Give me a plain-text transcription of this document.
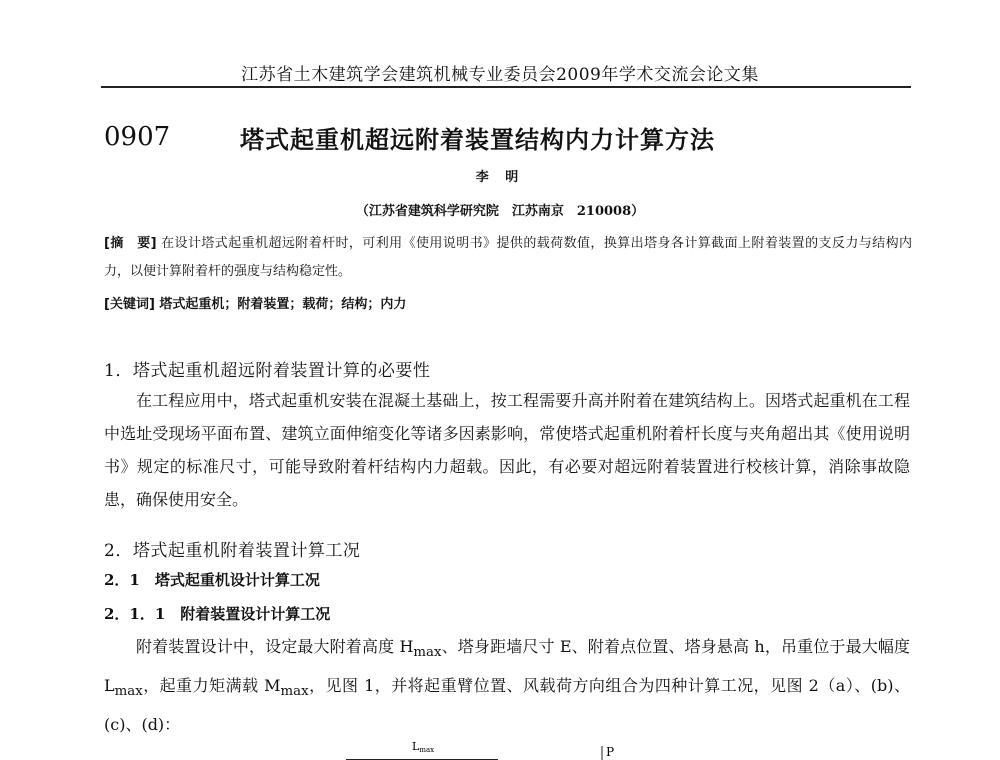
江苏省土木建筑学会建筑机械专业委员会2009年学术交流会论文集
0907	塔式起重机超远附着装置结构内力计算方法
李 明
（江苏省建筑科学研究院　江苏南京　210008）
[摘　要] 在设计塔式起重机超远附着杆时，可利用《使用说明书》提供的载荷数值，换算出塔身各计算截面上附着装置的支反力与结构内力，以便计算附着杆的强度与结构稳定性。
[关键词] 塔式起重机；附着装置；载荷；结构；内力
1．塔式起重机超远附着装置计算的必要性
在工程应用中，塔式起重机安装在混凝土基础上，按工程需要升高并附着在建筑结构上。因塔式起重机在工程中选址受现场平面布置、建筑立面伸缩变化等诸多因素影响，常使塔式起重机附着杆长度与夹角超出其《使用说明书》规定的标准尺寸，可能导致附着杆结构内力超载。因此，有必要对超远附着装置进行校核计算，消除事故隐患，确保使用安全。
2．塔式起重机附着装置计算工况
2．1　塔式起重机设计计算工况
2．1．1　附着装置设计计算工况
附着装置设计中，设定最大附着高度 $H_{max}$、塔身距墙尺寸 E、附着点位置、塔身悬高 h，吊重位于最大幅度 $L_{max}$，起重力矩满载 $M_{max}$，见图 1，并将起重臂位置、风载荷方向组合为四种计算工况，见图 2（a）、(b)、(c)、(d)：
Lmax	P
